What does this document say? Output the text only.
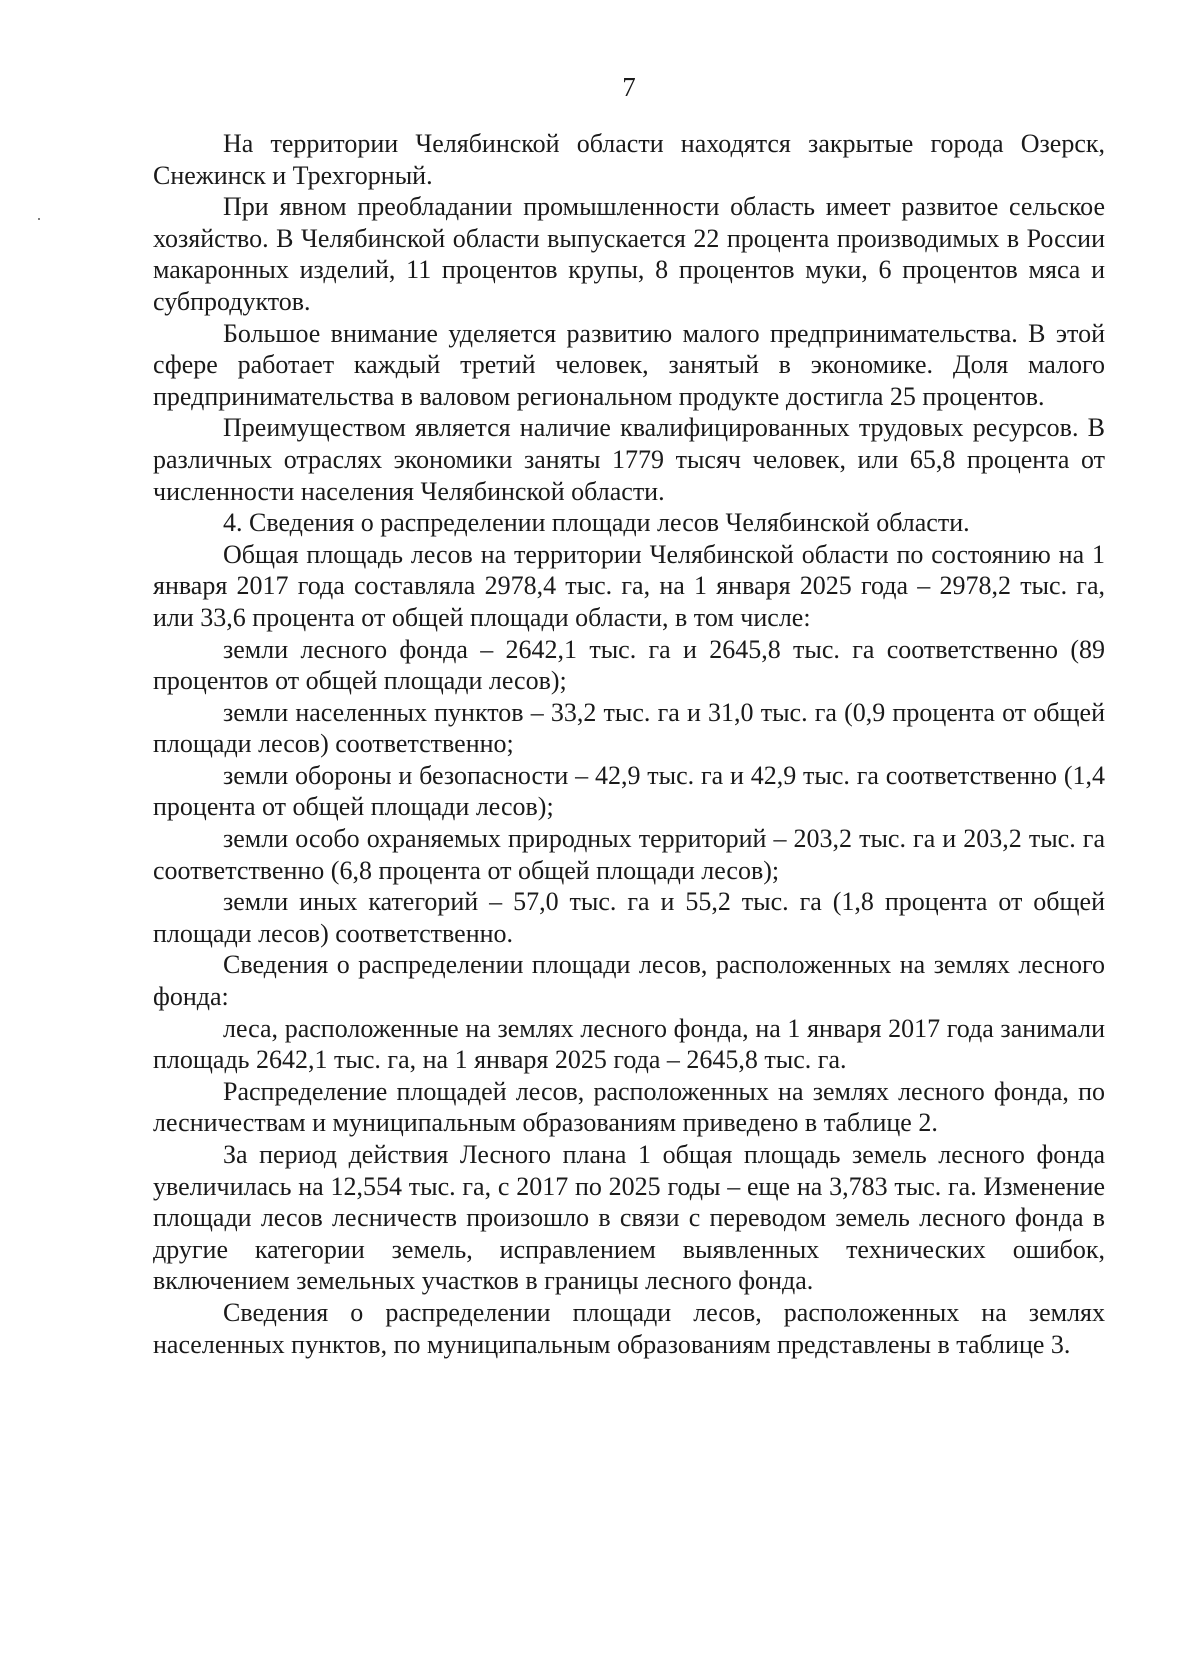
7

На территории Челябинской области находятся закрытые города Озерск, Снежинск и Трехгорный.

При явном преобладании промышленности область имеет развитое сельское хозяйство. В Челябинской области выпускается 22 процента производимых в России макаронных изделий, 11 процентов крупы, 8 процентов муки, 6 процентов мяса и субпродуктов.

Большое внимание уделяется развитию малого предпринимательства. В этой сфере работает каждый третий человек, занятый в экономике. Доля малого предпринимательства в валовом региональном продукте достигла 25 процентов.

Преимуществом является наличие квалифицированных трудовых ресурсов. В различных отраслях экономики заняты 1779 тысяч человек, или 65,8 процента от численности населения Челябинской области.

4. Сведения о распределении площади лесов Челябинской области.

Общая площадь лесов на территории Челябинской области по состоянию на 1 января 2017 года составляла 2978,4 тыс. га, на 1 января 2025 года – 2978,2 тыс. га, или 33,6 процента от общей площади области, в том числе:

земли лесного фонда – 2642,1 тыс. га и 2645,8 тыс. га соответственно (89 процентов от общей площади лесов);

земли населенных пунктов – 33,2 тыс. га и 31,0 тыс. га (0,9 процента от общей площади лесов) соответственно;

земли обороны и безопасности – 42,9 тыс. га и 42,9 тыс. га соответственно (1,4 процента от общей площади лесов);

земли особо охраняемых природных территорий – 203,2 тыс. га и 203,2 тыс. га соответственно (6,8 процента от общей площади лесов);

земли иных категорий – 57,0 тыс. га и 55,2 тыс. га (1,8 процента от общей площади лесов) соответственно.

Сведения о распределении площади лесов, расположенных на землях лесного фонда:

леса, расположенные на землях лесного фонда, на 1 января 2017 года занимали площадь 2642,1 тыс. га, на 1 января 2025 года – 2645,8 тыс. га.

Распределение площадей лесов, расположенных на землях лесного фонда, по лесничествам и муниципальным образованиям приведено в таблице 2.

За период действия Лесного плана 1 общая площадь земель лесного фонда увеличилась на 12,554 тыс. га, с 2017 по 2025 годы – еще на 3,783 тыс. га. Изменение площади лесов лесничеств произошло в связи с переводом земель лесного фонда в другие категории земель, исправлением выявленных технических ошибок, включением земельных участков в границы лесного фонда.

Сведения о распределении площади лесов, расположенных на землях населенных пунктов, по муниципальным образованиям представлены в таблице 3.
